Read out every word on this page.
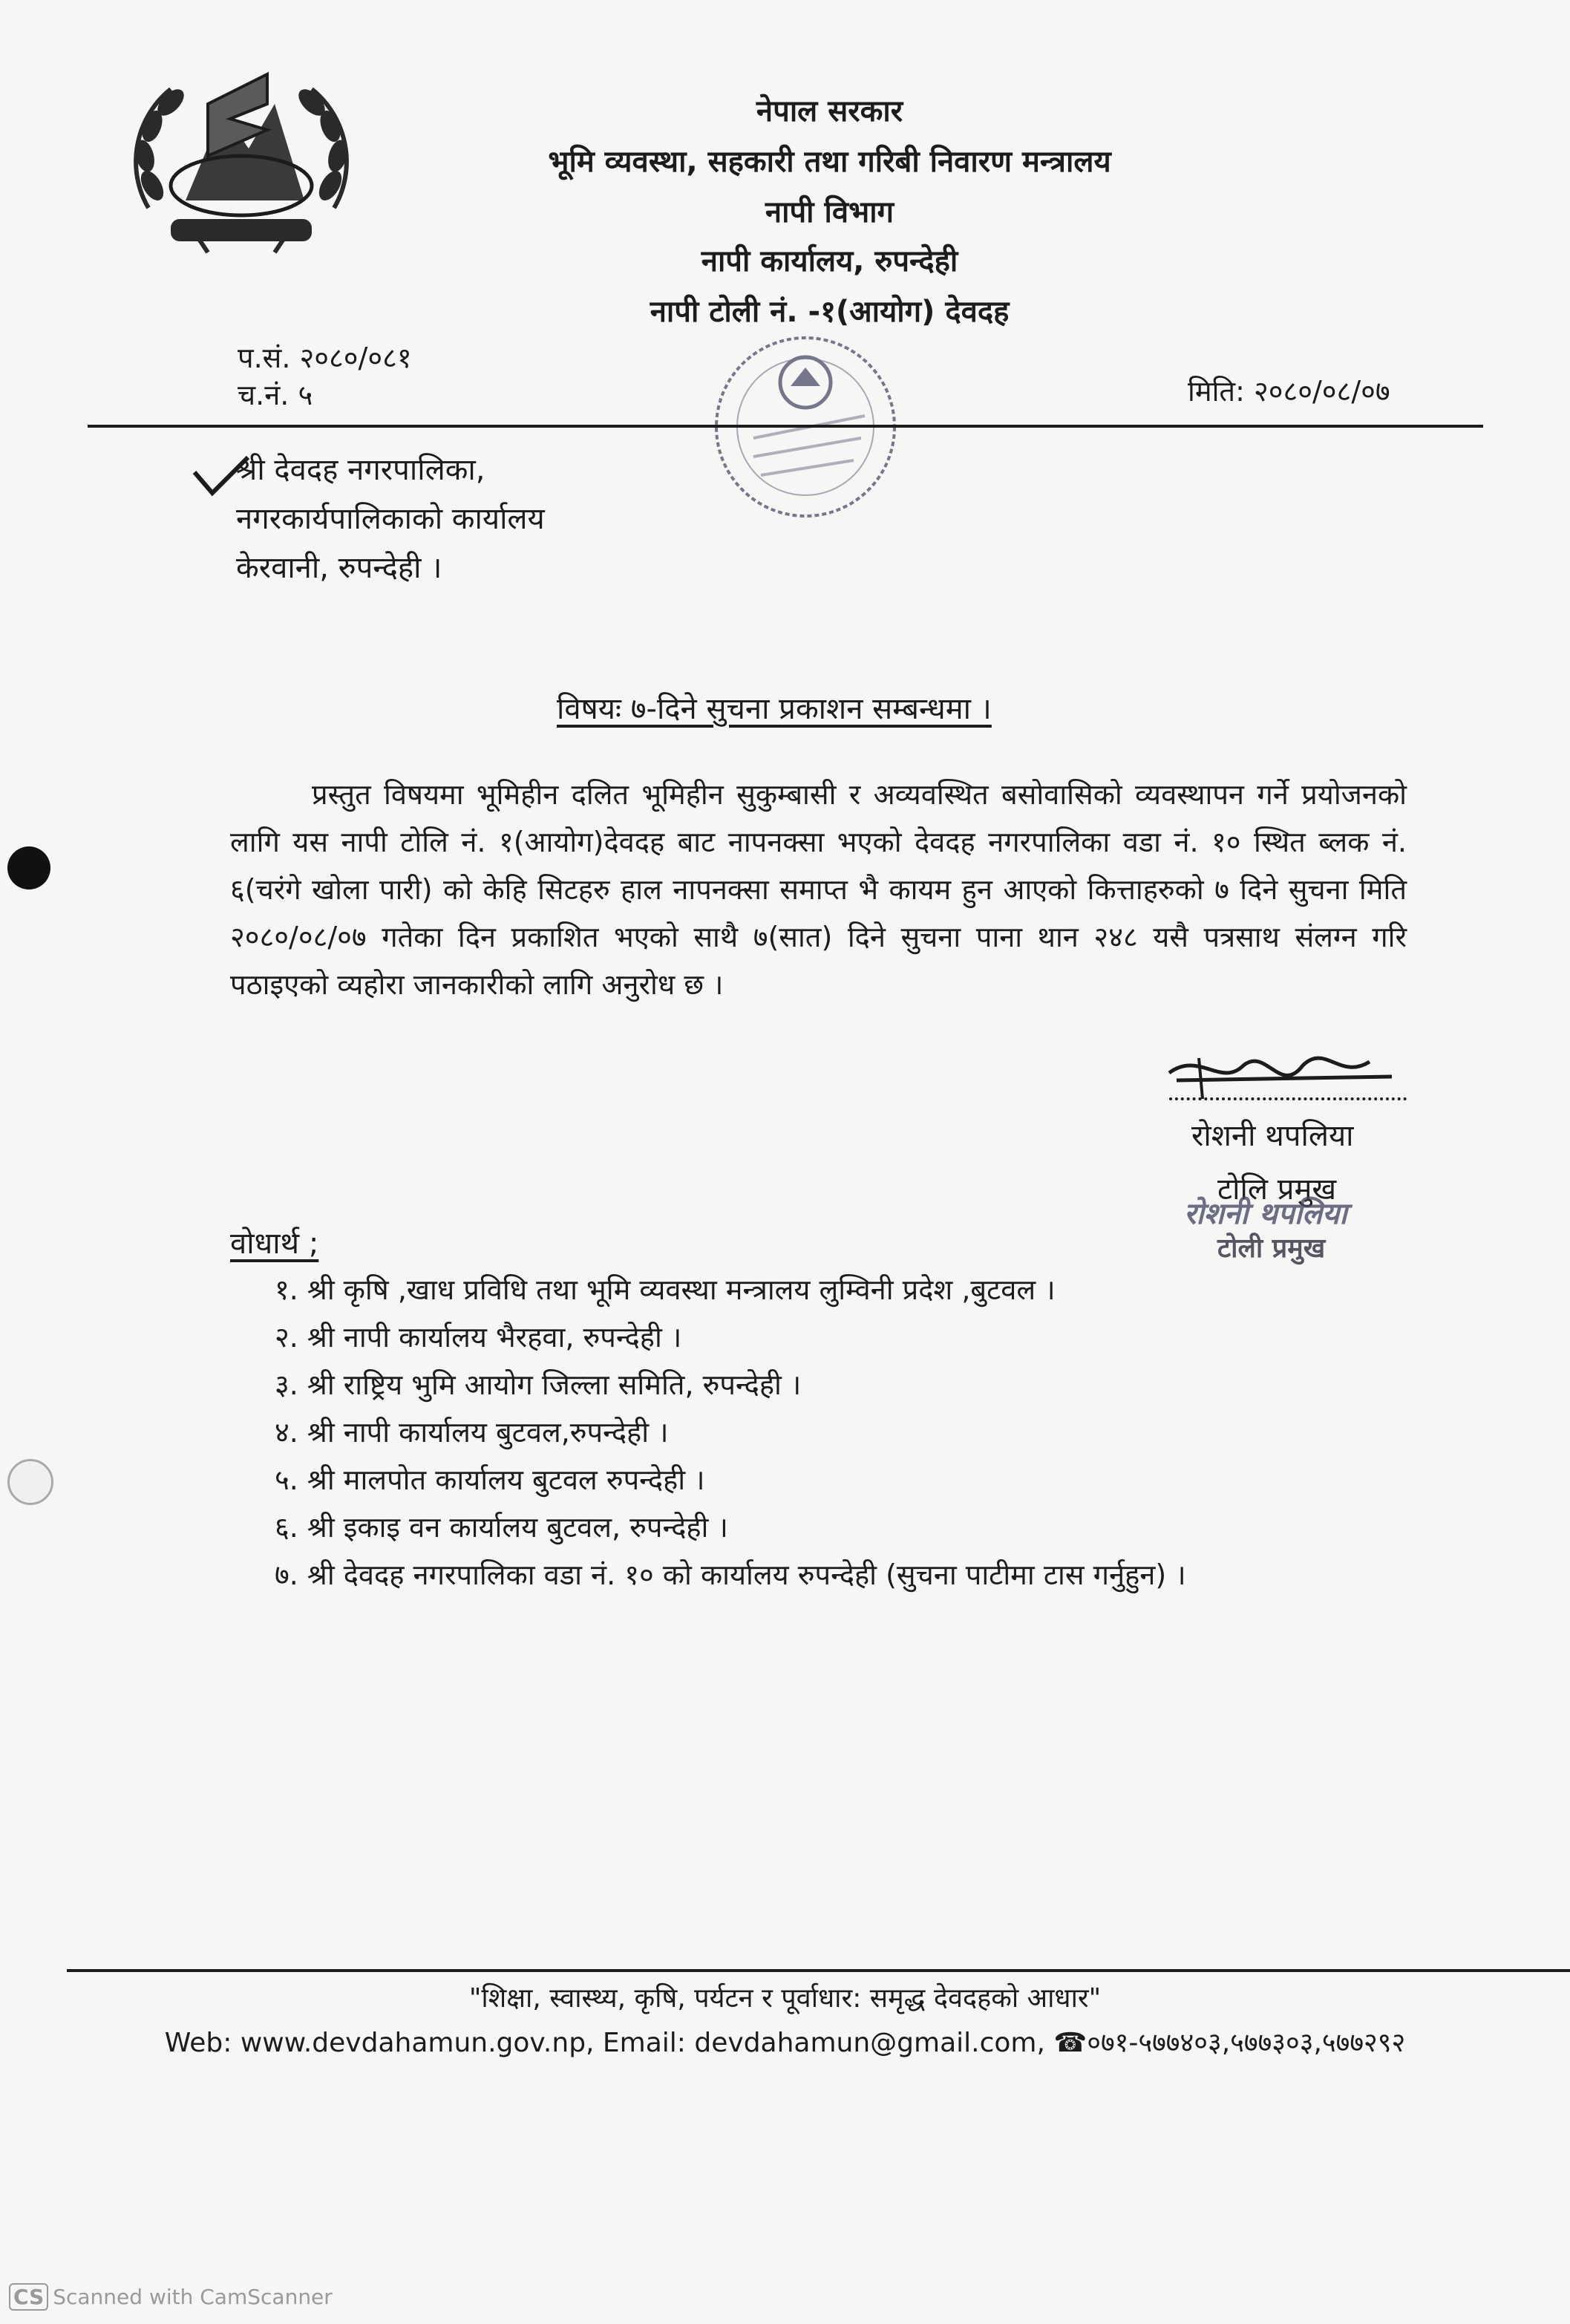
नेपाल सरकार
भूमि व्यवस्था, सहकारी तथा गरिबी निवारण मन्त्रालय
नापी विभाग
नापी कार्यालय, रुपन्देही
नापी टोली नं. -१(आयोग) देवदह
प.सं. २०८०/०८१
च.नं. ५	मिति: २०८०/०८/०७
श्री देवदह नगरपालिका,
नगरकार्यपालिकाको कार्यालय
केरवानी, रुपन्देही ।
विषयः ७-दिने सुचना प्रकाशन सम्बन्धमा ।
प्रस्तुत विषयमा भूमिहीन दलित भूमिहीन सुकुम्बासी र अव्यवस्थित बसोवासिको व्यवस्थापन गर्ने प्रयोजनको लागि यस नापी टोलि नं. १(आयोग)देवदह बाट नापनक्सा भएको देवदह नगरपालिका वडा नं. १० स्थित ब्लक नं. ६(चरंगे खोला पारी) को केहि सिटहरु हाल नापनक्सा समाप्त भै कायम हुन आएको कित्ताहरुको ७ दिने सुचना मिति २०८०/०८/०७ गतेका दिन प्रकाशित भएको साथै ७(सात) दिने सुचना पाना थान २४८ यसै पत्रसाथ संलग्न गरि पठाइएको व्यहोरा जानकारीको लागि अनुरोध छ ।
रोशनी थपलिया
टोलि प्रमुख
रोशनी थपलिया
टोली प्रमुख
वोधार्थ ;
१. श्री कृषि ,खाध प्रविधि तथा भूमि व्यवस्था मन्त्रालय लुम्विनी प्रदेश ,बुटवल ।
२. श्री नापी कार्यालय भैरहवा, रुपन्देही ।
३. श्री राष्ट्रिय भुमि आयोग जिल्ला समिति, रुपन्देही ।
४. श्री नापी कार्यालय बुटवल,रुपन्देही ।
५. श्री मालपोत कार्यालय बुटवल रुपन्देही ।
६. श्री इकाइ वन कार्यालय बुटवल, रुपन्देही ।
७. श्री देवदह नगरपालिका वडा नं. १० को कार्यालय रुपन्देही (सुचना पाटीमा टास गर्नुहुन) ।
"शिक्षा, स्वास्थ्य, कृषि, पर्यटन र पूर्वाधार: समृद्ध देवदहको आधार"
Web: www.devdahamun.gov.np, Email: devdahamun@gmail.com, ☎०७१-५७७४०३,५७७३०३,५७७२९२
CS Scanned with CamScanner
